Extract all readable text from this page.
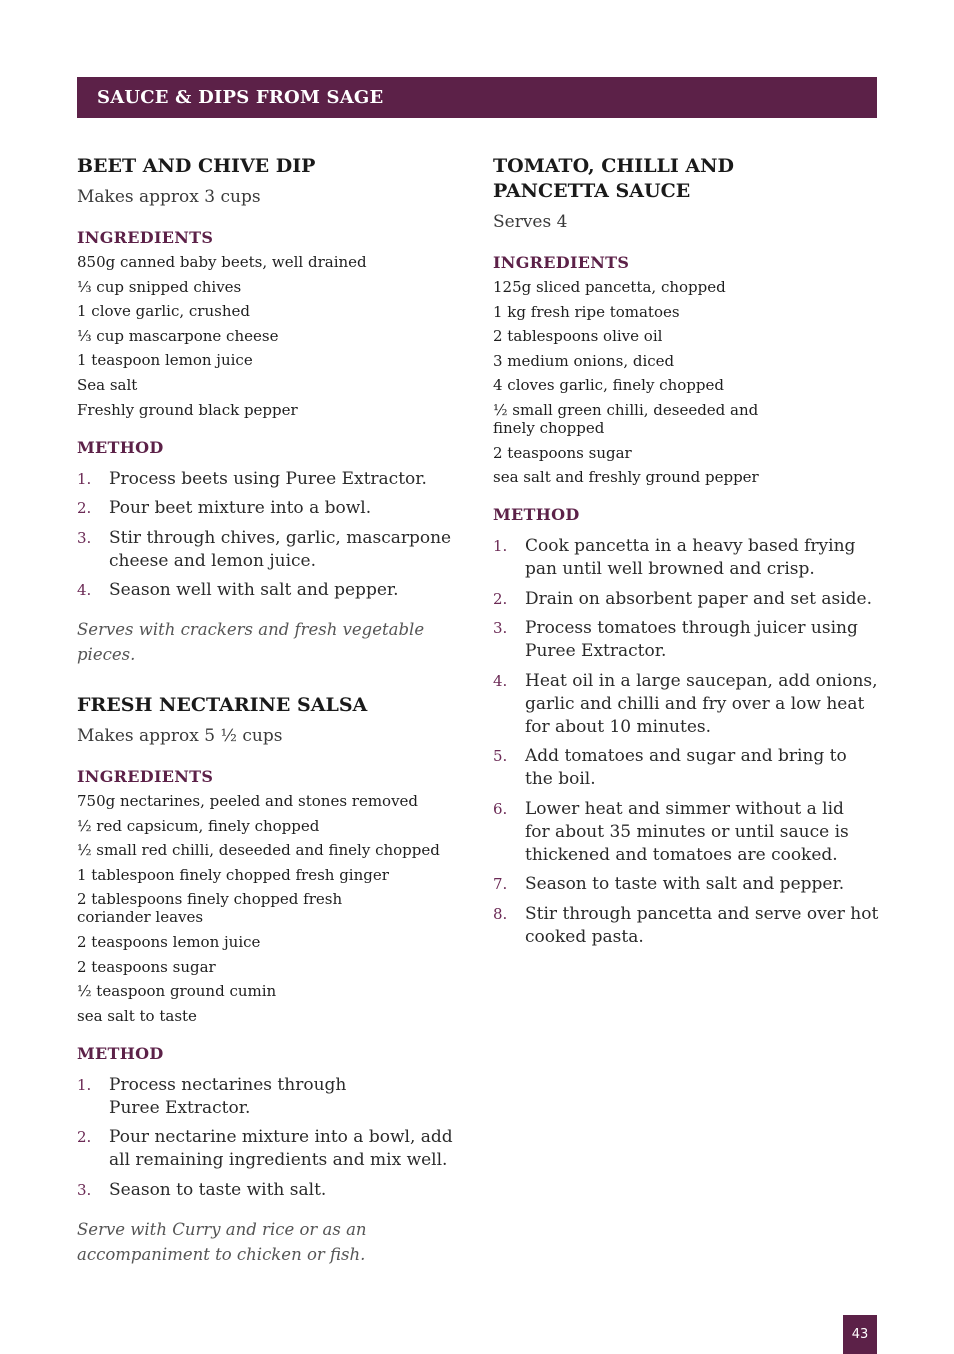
SAUCE & DIPS FROM SAGE
BEET AND CHIVE DIP
Makes approx 3 cups
INGREDIENTS
850g canned baby beets, well drained
⅓ cup snipped chives
1 clove garlic, crushed
⅓ cup mascarpone cheese
1 teaspoon lemon juice
Sea salt
Freshly ground black pepper
METHOD
1.	Process beets using Puree Extractor.
2.	Pour beet mixture into a bowl.
3.	Stir through chives, garlic, mascarpone
cheese and lemon juice.
4.	Season well with salt and pepper.
Serves with crackers and fresh vegetable
pieces.
FRESH NECTARINE SALSA
Makes approx 5 ½ cups
INGREDIENTS
750g nectarines, peeled and stones removed
½ red capsicum, finely chopped
½ small red chilli, deseeded and finely chopped
1 tablespoon finely chopped fresh ginger
2 tablespoons finely chopped fresh
coriander leaves
2 teaspoons lemon juice
2 teaspoons sugar
½ teaspoon ground cumin
sea salt to taste
METHOD
1.	Process nectarines through
Puree Extractor.
2.	Pour nectarine mixture into a bowl, add
all remaining ingredients and mix well.
3.	Season to taste with salt.
Serve with Curry and rice or as an
accompaniment to chicken or fish.
TOMATO, CHILLI AND
PANCETTA SAUCE
Serves 4
INGREDIENTS
125g sliced pancetta, chopped
1 kg fresh ripe tomatoes
2 tablespoons olive oil
3 medium onions, diced
4 cloves garlic, finely chopped
½ small green chilli, deseeded and
finely chopped
2 teaspoons sugar
sea salt and freshly ground pepper
METHOD
1.	Cook pancetta in a heavy based frying
pan until well browned and crisp.
2.	Drain on absorbent paper and set aside.
3.	Process tomatoes through juicer using
Puree Extractor.
4.	Heat oil in a large saucepan, add onions,
garlic and chilli and fry over a low heat
for about 10 minutes.
5.	Add tomatoes and sugar and bring to
the boil.
6.	Lower heat and simmer without a lid
for about 35 minutes or until sauce is
thickened and tomatoes are cooked.
7.	Season to taste with salt and pepper.
8.	Stir through pancetta and serve over hot
cooked pasta.
43
